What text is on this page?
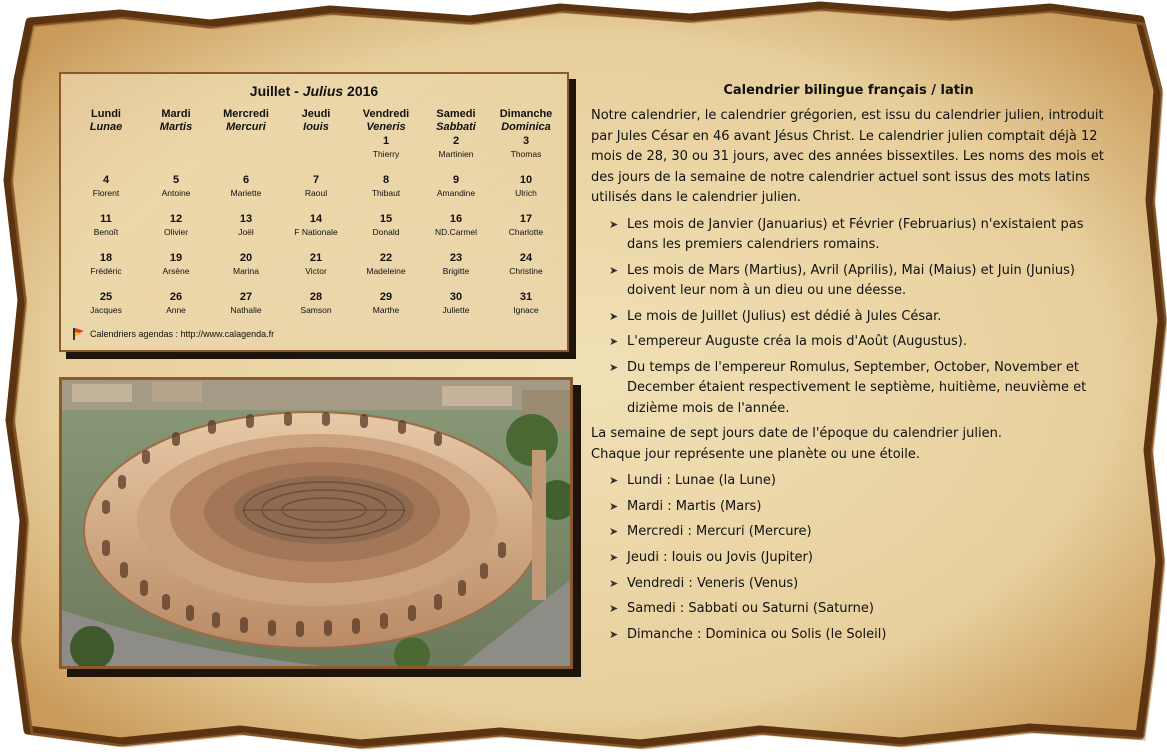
Juillet - Julius 2016
Lundi
Lunae
Mardi
Martis
Mercredi
Mercuri
Jeudi
Iouis
Vendredi
Veneris
Samedi
Sabbati
Dimanche
Dominica
1
Thierry
2
Martinien
3
Thomas
4
Florent
5
Antoine
6
Mariette
7
Raoul
8
Thibaut
9
Amandine
10
Ulrich
11
Benoît
12
Olivier
13
Joël
14
F Nationale
15
Donald
16
ND.Carmel
17
Charlotte
18
Frédéric
19
Arsène
20
Marina
21
Victor
22
Madeleine
23
Brigitte
24
Christine
25
Jacques
26
Anne
27
Nathalie
28
Samson
29
Marthe
30
Juliette
31
Ignace
Calendriers agendas : http://www.calagenda.fr
Calendrier bilingue français / latin

Notre calendrier, le calendrier grégorien, est issu du calendrier julien, introduit par Jules César en 46 avant Jésus Christ. Le calendrier julien comptait déjà 12 mois de 28, 30 ou 31 jours, avec des années bissextiles. Les noms des mois et des jours de la semaine de notre calendrier actuel sont issus des mots latins utilisés dans le calendrier julien.

➤ Les mois de Janvier (Januarius) et Février (Februarius) n'existaient pas dans les premiers calendriers romains.
➤ Les mois de Mars (Martius), Avril (Aprilis), Mai (Maius) et Juin (Junius) doivent leur nom à un dieu ou une déesse.
➤ Le mois de Juillet (Julius) est dédié à Jules César.
➤ L'empereur Auguste créa la mois d'Août (Augustus).
➤ Du temps de l'empereur Romulus, September, October, November et December étaient respectivement le septième, huitième, neuvième et dizième mois de l'année.

La semaine de sept jours date de l'époque du calendrier julien.

Chaque jour représente une planète ou une étoile.

➤ Lundi : Lunae (la Lune)
➤ Mardi : Martis (Mars)
➤ Mercredi : Mercuri (Mercure)
➤ Jeudi : Iouis ou Jovis (Jupiter)
➤ Vendredi : Veneris (Venus)
➤ Samedi : Sabbati ou Saturni (Saturne)
➤ Dimanche : Dominica ou Solis (le Soleil)
